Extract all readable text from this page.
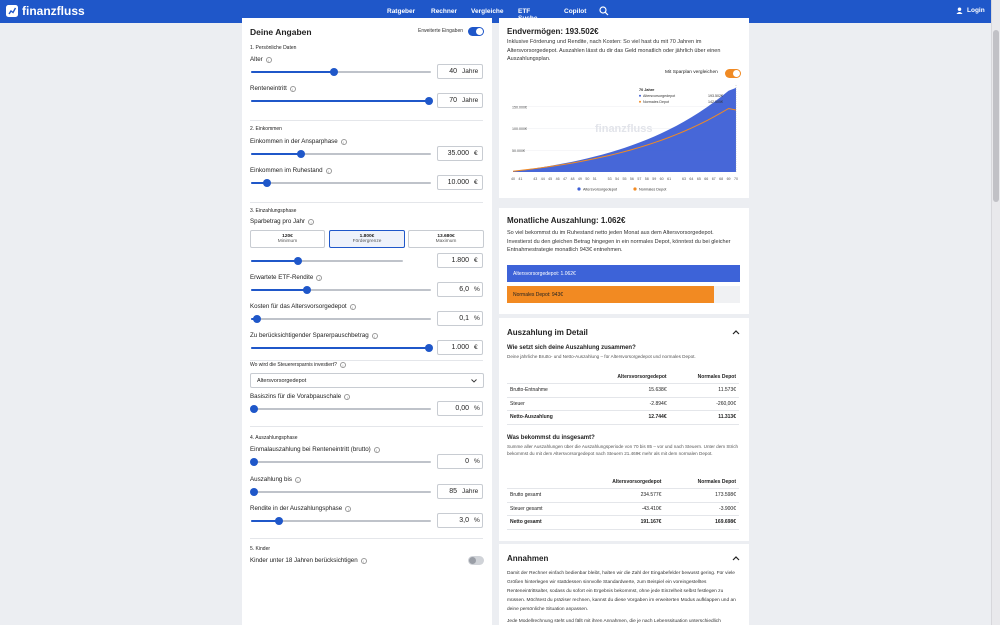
finanzfluss	Ratgeber Rechner Vergleiche ETF	Copilot	Login
Deine Angaben	Erweiterte Eingaben
1. Persönliche Daten
Alter	i
40 Jahre
Renteneintritt	i
70 Jahre
2. Einkommen
Einkommen in der Ansparphase	i
35.000 €
Einkommen im Ruhestand	i
10.000 €
3. Einzahlungsphase
Sparbetrag pro Jahr	i
120€
Minimum
1.800€
Fördergrenze
13.680€
Maximum
1.800 €
Erwartete ETF-Rendite	i
6,0 %
Kosten für das Altersvorsorgedepot	i
0,1 %
Zu berücksichtigender Sparerpauschbetrag	i
1.000 €
Wo wird die Steuerersparnis investiert?	i
Altersvorsorgedepot
Basiszins für die Vorabpauschale	i
0,00 %
4. Auszahlungsphase
Einmalauszahlung bei Renteneintritt (brutto)	i
0 %
Auszahlung bis	i
85 Jahre
Rendite in der Auszahlungsphase	i
3,0 %
5. Kinder
Kinder unter 18 Jahren berücksichtigen	i
Endvermögen: 193.502€
Inklusive Förderung und Rendite, nach Kosten: So viel hast du mit 70 Jahren im Altersvorsorgedepot. Auszahlen lässt du dir das Geld monatlich oder jährlich über einen Auszahlungsplan.
Mit Sparplan vergleichen
150.000€
100.000€
50.000€
finanzfluss
70 Jahre
Altersvorsorgedepot	193.502€
Normales Depot	142.505€
40 41	43 44 45 46 47 48 49 50 51	53 54 55 56 57 58 59 60 61	63 64 65 66 67 68 69 70
Altersvorsorgedepot	Normales Depot
Monatliche Auszahlung: 1.062€
So viel bekommst du im Ruhestand netto jeden Monat aus dem Altersvorsorgedepot. Investierst du den gleichen Betrag hingegen in ein normales Depot, könntest du bei gleicher Entnahmestrategie monatlich 943€ entnehmen.
Altersvorsorgedepot: 1.062€
Normales Depot: 943€
Auszahlung im Detail
Wie setzt sich deine Auszahlung zusammen?
Deine jährliche Brutto- und Netto-Auszahlung – für Altersvorsorgedepot und normales Depot.
	Altersvorsorgedepot	Normales Depot
Brutto-Entnahme	15.638€	11.573€
Steuer	-2.894€	-260,00€
Netto-Auszahlung	12.744€	11.313€
Was bekommst du insgesamt?
Summe aller Auszahlungen über die Auszahlungsperiode von 70 bis 85 – vor und nach Steuern. Unter dem Strich bekommst du mit dem Altersvorsorgedepot nach Steuern 21.469€ mehr als mit dem normalen Depot.
	Altersvorsorgedepot	Normales Depot
Brutto gesamt	234.577€	173.598€
Steuer gesamt	-43.410€	-3.900€
Netto gesamt	191.167€	169.698€
Annahmen
Damit der Rechner einfach bedienbar bleibt, halten wir die Zahl der Eingabefelder bewusst gering. Für viele Größen hinterlegen wir stattdessen sinnvolle Standardwerte, zum Beispiel ein voreingestelltes Renteneintrittsalter, sodass du sofort ein Ergebnis bekommst, ohne jede Einzelheit selbst festlegen zu müssen. Möchtest du präziser rechnen, kannst du diese Vorgaben im erweiterten Modus aufklappen und an deine persönliche Situation anpassen.
Jede Modellrechnung steht und fällt mit ihren Annahmen, die je nach Lebenssituation unterschiedlich
